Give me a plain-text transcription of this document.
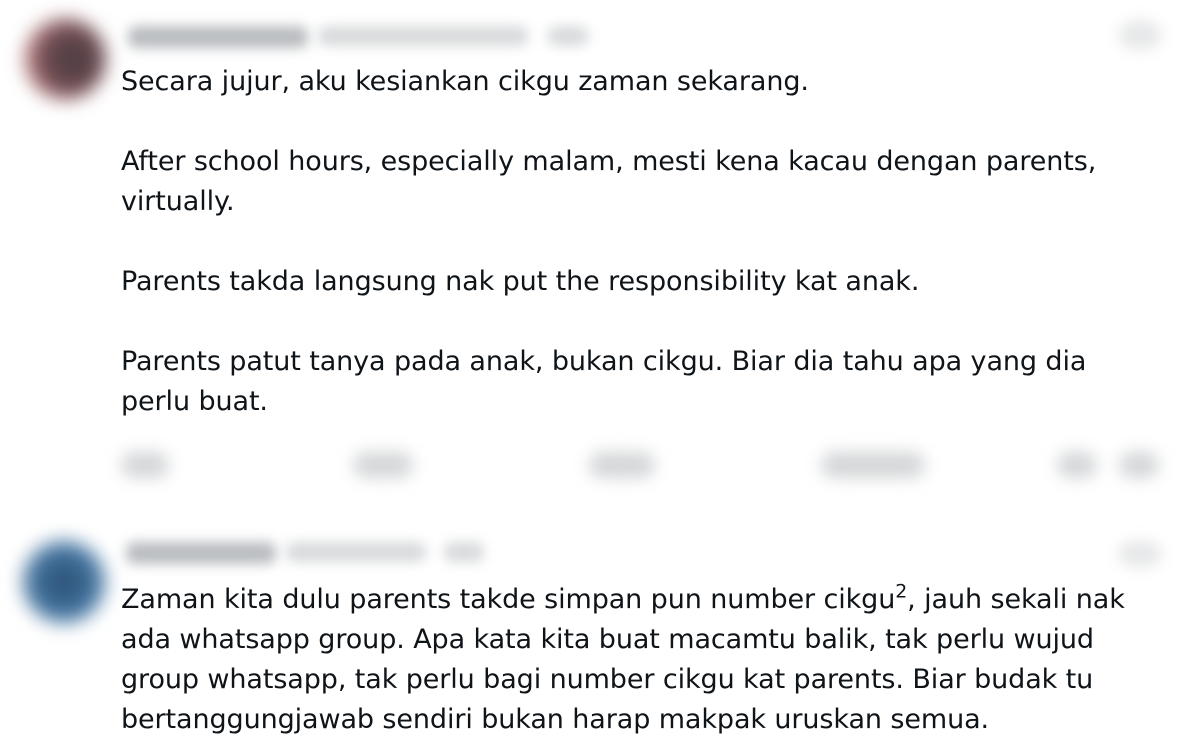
Secara jujur, aku kesiankan cikgu zaman sekarang.

After school hours, especially malam, mesti kena kacau dengan parents, virtually.

Parents takda langsung nak put the responsibility kat anak.

Parents patut tanya pada anak, bukan cikgu. Biar dia tahu apa yang dia perlu buat.

Zaman kita dulu parents takde simpan pun number cikgu$^2$, jauh sekali nak ada whatsapp group. Apa kata kita buat macamtu balik, tak perlu wujud group whatsapp, tak perlu bagi number cikgu kat parents. Biar budak tu bertanggungjawab sendiri bukan harap makpak uruskan semua.
